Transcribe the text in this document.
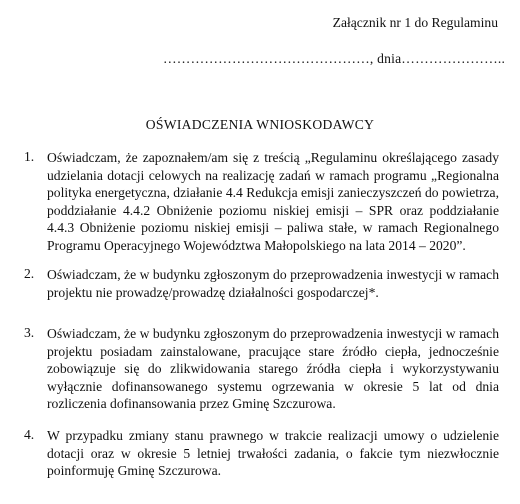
Załącznik nr 1 do Regulaminu
………………………………………, dnia…………………..
OŚWIADCZENIA WNIOSKODAWCY
1. Oświadczam, że zapoznałem/am się z treścią „Regulaminu określającego zasady udzielania dotacji celowych na realizację zadań w ramach programu „Regionalna polityka energetyczna, działanie 4.4 Redukcja emisji zanieczyszczeń do powietrza, poddziałanie 4.4.2 Obniżenie poziomu niskiej emisji – SPR oraz poddziałanie 4.4.3 Obniżenie poziomu niskiej emisji – paliwa stałe, w ramach Regionalnego Programu Operacyjnego Województwa Małopolskiego na lata 2014 – 2020”.
2. Oświadczam, że w budynku zgłoszonym do przeprowadzenia inwestycji w ramach projektu nie prowadzę/prowadzę działalności gospodarczej*.
3. Oświadczam, że w budynku zgłoszonym do przeprowadzenia inwestycji w ramach projektu posiadam zainstalowane, pracujące stare źródło ciepła, jednocześnie zobowiązuje się do zlikwidowania starego źródła ciepła i wykorzystywaniu wyłącznie dofinansowanego systemu ogrzewania w okresie 5 lat od dnia rozliczenia dofinansowania przez Gminę Szczurowa.
4. W przypadku zmiany stanu prawnego w trakcie realizacji umowy o udzielenie dotacji oraz w okresie 5 letniej trwałości zadania, o fakcie tym niezwłocznie poinformuję Gminę Szczurowa.
